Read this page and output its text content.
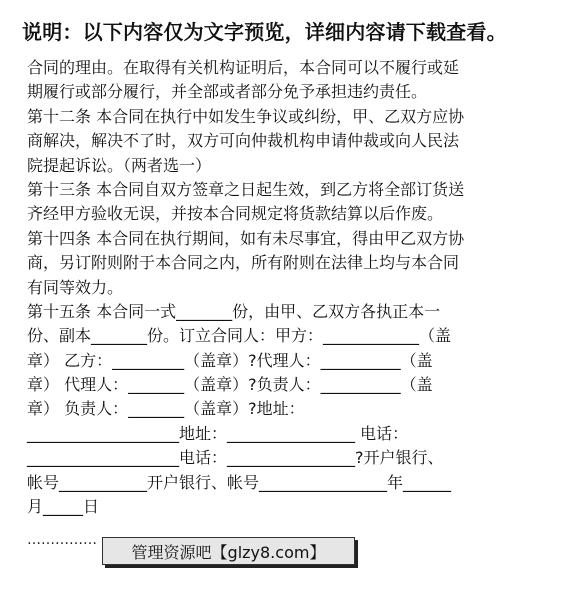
说明：以下内容仅为文字预览，详细内容请下载查看。
合同的理由。在取得有关机构证明后，本合同可以不履行或延
期履行或部分履行，并全部或者部分免予承担违约责任。
第十二条 本合同在执行中如发生争议或纠纷，甲、乙双方应协
商解决，解决不了时，双方可向仲裁机构申请仲裁或向人民法
院提起诉讼。（两者选一）
第十三条 本合同自双方签章之日起生效，到乙方将全部订货送
齐经甲方验收无误，并按本合同规定将货款结算以后作废。
第十四条 本合同在执行期间，如有未尽事宜，得由甲乙双方协
商，另订附则附于本合同之内，所有附则在法律上均与本合同
有同等效力。
第十五条 本合同一式_______份，由甲、乙双方各执正本一
份、副本_______份。订立合同人：甲方：____________（盖
章） 乙方：_________（盖章）?代理人：__________（盖
章） 代理人：_______（盖章）?负责人：__________（盖
章） 负责人：_______（盖章）?地址：
___________________地址：________________ 电话：
___________________电话：________________?开户银行、
帐号___________开户银行、帐号________________年______
月_____日
……………
管理资源吧【glzy8.com】
